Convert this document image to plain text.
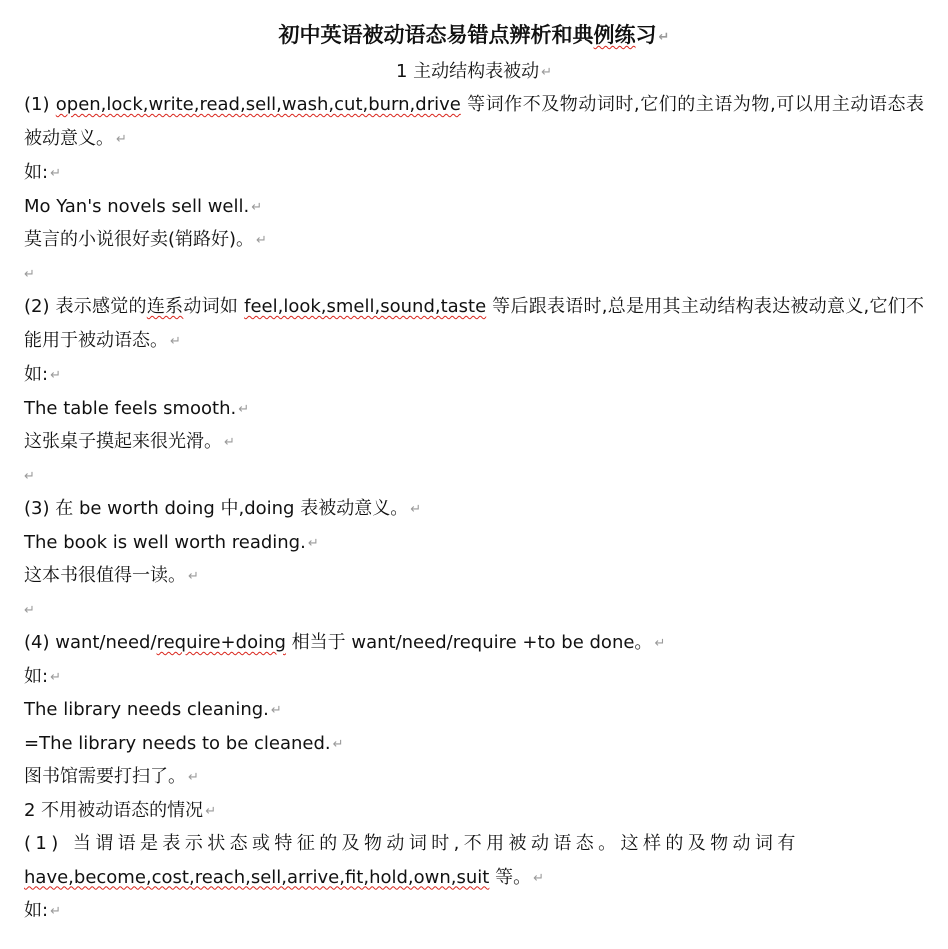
初中英语被动语态易错点辨析和典例练习 ↵
1 主动结构表被动 ↵
(1) open,lock,write,read,sell,wash,cut,burn,drive 等词作不及物动词时,它们的主语为物,可以用主动语态表被动意义。 ↵
如: ↵
Mo Yan's novels sell well. ↵
莫言的小说很好卖(销路好)。 ↵
↵
(2) 表示感觉的连系动词如 feel,look,smell,sound,taste 等后跟表语时,总是用其主动结构表达被动意义,它们不能用于被动语态。 ↵
如: ↵
The table feels smooth. ↵
这张桌子摸起来很光滑。 ↵
↵
(3) 在 be worth doing 中,doing 表被动意义。 ↵
The book is well worth reading. ↵
这本书很值得一读。 ↵
↵
(4) want/need/require+doing 相当于 want/need/require +to be done。 ↵
如: ↵
The library needs cleaning. ↵
=The library needs to be cleaned. ↵
图书馆需要打扫了。 ↵
2 不用被动语态的情况 ↵
(1) 当谓语是表示状态或特征的及物动词时,不用被动语态。这样的及物动词有
have,become,cost,reach,sell,arrive,fit,hold,own,suit 等。 ↵
如: ↵
